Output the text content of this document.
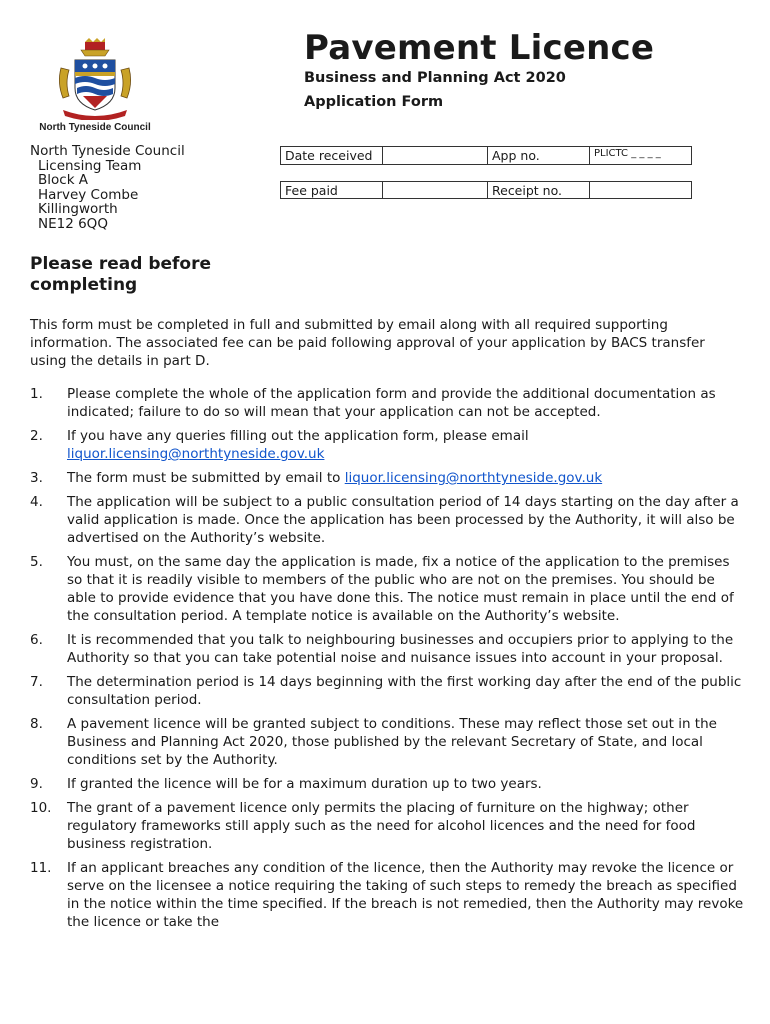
North Tyneside Council
Pavement Licence
Business and Planning Act 2020
Application Form
North Tyneside Council
Licensing Team
Block A
Harvey Combe
Killingworth
NE12 6QQ
Date received		App no.	PLICTC _ _ _ _
Fee paid		Receipt no.	
Please read before
completing

This form must be completed in full and submitted by email along with all required supporting information. The associated fee can be paid following approval of your application by BACS transfer using the details in part D.

1.	Please complete the whole of the application form and provide the additional documentation as indicated; failure to do so will mean that your application can not be accepted.
2.	If you have any queries filling out the application form, please email
liquor.licensing@northtyneside.gov.uk
3.	The form must be submitted by email to liquor.licensing@northtyneside.gov.uk
4.	The application will be subject to a public consultation period of 14 days starting on the day after a valid application is made. Once the application has been processed by the Authority, it will also be advertised on the Authority’s website.
5.	You must, on the same day the application is made, fix a notice of the application to the premises so that it is readily visible to members of the public who are not on the premises. You should be able to provide evidence that you have done this. The notice must remain in place until the end of the consultation period. A template notice is available on the Authority’s website.
6.	It is recommended that you talk to neighbouring businesses and occupiers prior to applying to the Authority so that you can take potential noise and nuisance issues into account in your proposal.
7.	The determination period is 14 days beginning with the first working day after the end of the public consultation period.
8.	A pavement licence will be granted subject to conditions. These may reflect those set out in the Business and Planning Act 2020, those published by the relevant Secretary of State, and local conditions set by the Authority.
9.	If granted the licence will be for a maximum duration up to two years.
10.	The grant of a pavement licence only permits the placing of furniture on the highway; other regulatory frameworks still apply such as the need for alcohol licences and the need for food business registration.
11.	If an applicant breaches any condition of the licence, then the Authority may revoke the licence or serve on the licensee a notice requiring the taking of such steps to remedy the breach as specified in the notice within the time specified. If the breach is not remedied, then the Authority may revoke the licence or take the
